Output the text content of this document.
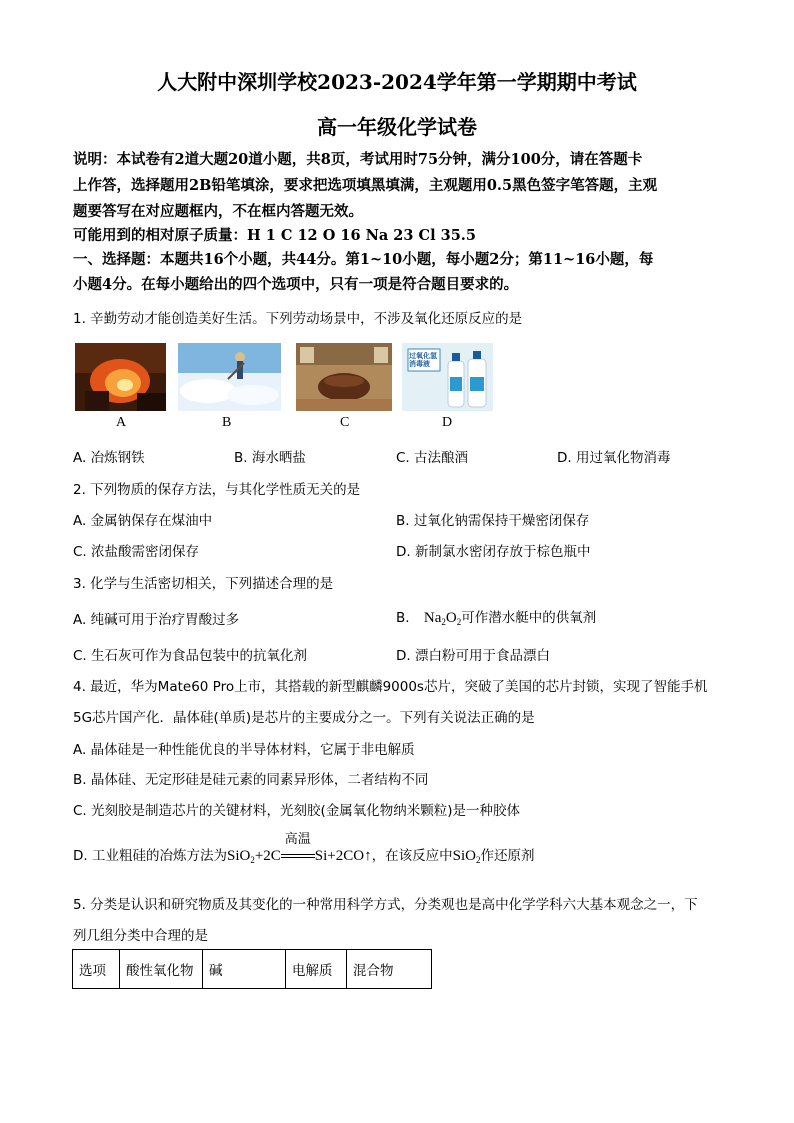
人大附中深圳学校2023-2024学年第一学期期中考试
高一年级化学试卷
说明：本试卷有2道大题20道小题，共8页，考试用时75分钟，满分100分，请在答题卡
上作答，选择题用2B铅笔填涂，要求把选项填黑填满，主观题用0.5黑色签字笔答题，主观
题要答写在对应题框内，不在框内答题无效。
可能用到的相对原子质量：H 1 C 12 O 16 Na 23 Cl 35.5
一、选择题：本题共16个小题，共44分。第1~10小题，每小题2分；第11~16小题，每
小题4分。在每小题给出的四个选项中，只有一项是符合题目要求的。
1. 辛勤劳动才能创造美好生活。下列劳动场景中，不涉及氧化还原反应的是
过氧化氢消毒液
A	B	C	D
A. 冶炼钢铁	B. 海水晒盐	C. 古法酿酒	D. 用过氧化物消毒
2. 下列物质的保存方法，与其化学性质无关的是
A. 金属钠保存在煤油中	B. 过氧化钠需保持干燥密闭保存
C. 浓盐酸需密闭保存	D. 新制氯水密闭存放于棕色瓶中
3. 化学与生活密切相关，下列描述合理的是
A. 纯碱可用于治疗胃酸过多	B. $Na_2O_2$可作潜水艇中的供氧剂
C. 生石灰可作为食品包装中的抗氧化剂	D. 漂白粉可用于食品漂白
4. 最近，华为Mate60 Pro上市，其搭载的新型麒麟9000s芯片，突破了美国的芯片封锁，实现了智能手机
5G芯片国产化．晶体硅(单质)是芯片的主要成分之一。下列有关说法正确的是
A. 晶体硅是一种性能优良的半导体材料，它属于非电解质
B. 晶体硅、无定形硅是硅元素的同素异形体，二者结构不同
C. 光刻胶是制造芯片的关键材料，光刻胶(金属氧化物纳米颗粒)是一种胶体
D. 工业粗硅的冶炼方法为SiO$_2$+2C
高温
Si+2CO↑，在该反应中SiO$_2$作还原剂
5. 分类是认识和研究物质及其变化的一种常用科学方式，分类观也是高中化学学科六大基本观念之一，下
列几组分类中合理的是
选项	酸性氧化物	碱	电解质	混合物
